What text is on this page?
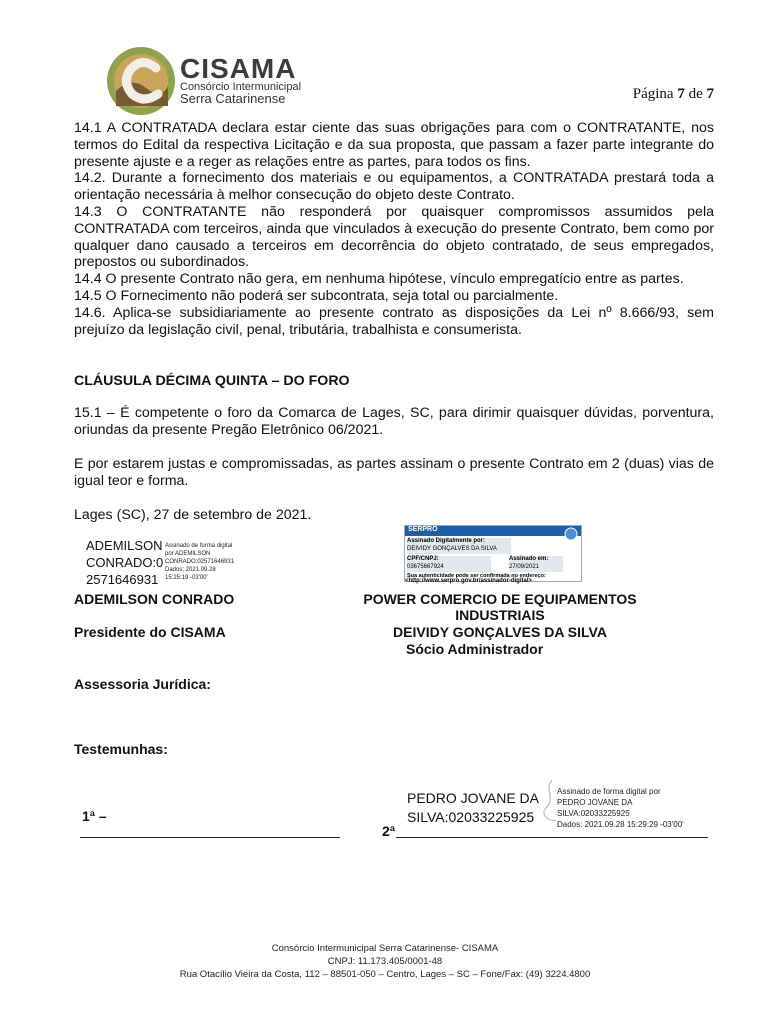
CISAMA
Consórcio Intermunicipal
Serra Catarinense	Página 7 de 7
14.1 A CONTRATADA declara estar ciente das suas obrigações para com o CONTRATANTE, nos termos do Edital da respectiva Licitação e da sua proposta, que passam a fazer parte integrante do presente ajuste e a reger as relações entre as partes, para todos os fins.
14.2. Durante a fornecimento dos materiais e ou equipamentos, a CONTRATADA prestará toda a orientação necessária à melhor consecução do objeto deste Contrato.
14.3 O CONTRATANTE não responderá por quaisquer compromissos assumidos pela CONTRATADA com terceiros, ainda que vinculados à execução do presente Contrato, bem como por qualquer dano causado a terceiros em decorrência do objeto contratado, de seus empregados, prepostos ou subordinados.
14.4 O presente Contrato não gera, em nenhuma hipótese, vínculo empregatício entre as partes.
14.5 O Fornecimento não poderá ser subcontrata, seja total ou parcialmente.
14.6. Aplica-se subsidiariamente ao presente contrato as disposições da Lei nº 8.666/93, sem prejuízo da legislação civil, penal, tributária, trabalhista e consumerista.
CLÁUSULA DÉCIMA QUINTA – DO FORO
15.1 – É competente o foro da Comarca de Lages, SC, para dirimir quaisquer dúvidas, porventura, oriundas da presente Pregão Eletrônico 06/2021.
E por estarem justas e compromissadas, as partes assinam o presente Contrato em 2 (duas) vias de igual teor e forma.
Lages (SC), 27 de setembro de 2021.
ADEMILSON
CONRADO:0
2571646931
Assinado de forma digital
por ADEMILSON
CONRADO:02571646931
Dados: 2021.09.28
15:25:19 -03'00'
SERPRO
Assinado Digitalmente por:
DEIVIDY GONÇALVES DA SILVA
CPF/CNPJ:
03675667924
Assinado em:
27/09/2021
Sua autenticidade pode ser confirmada no endereço:
<http://www.serpro.gov.br/assinador-digital>
ADEMILSON CONRADO
Presidente do CISAMA
POWER COMERCIO DE EQUIPAMENTOS
INDUSTRIAIS
DEIVIDY GONÇALVES DA SILVA
Sócio Administrador
Assessoria Jurídica:
Testemunhas:
1ª –
PEDRO JOVANE DA
SILVA:02033225925
Assinado de forma digital por
PEDRO JOVANE DA
SILVA:02033225925
Dados: 2021.09.28 15:29:29 -03'00'
2ª
Consórcio Intermunicipal Serra Catarinense- CISAMA
CNPJ: 11.173.405/0001-48
Rua Otacílio Vieira da Costa, 112 – 88501-050 – Centro, Lages – SC – Fone/Fax: (49) 3224.4800
